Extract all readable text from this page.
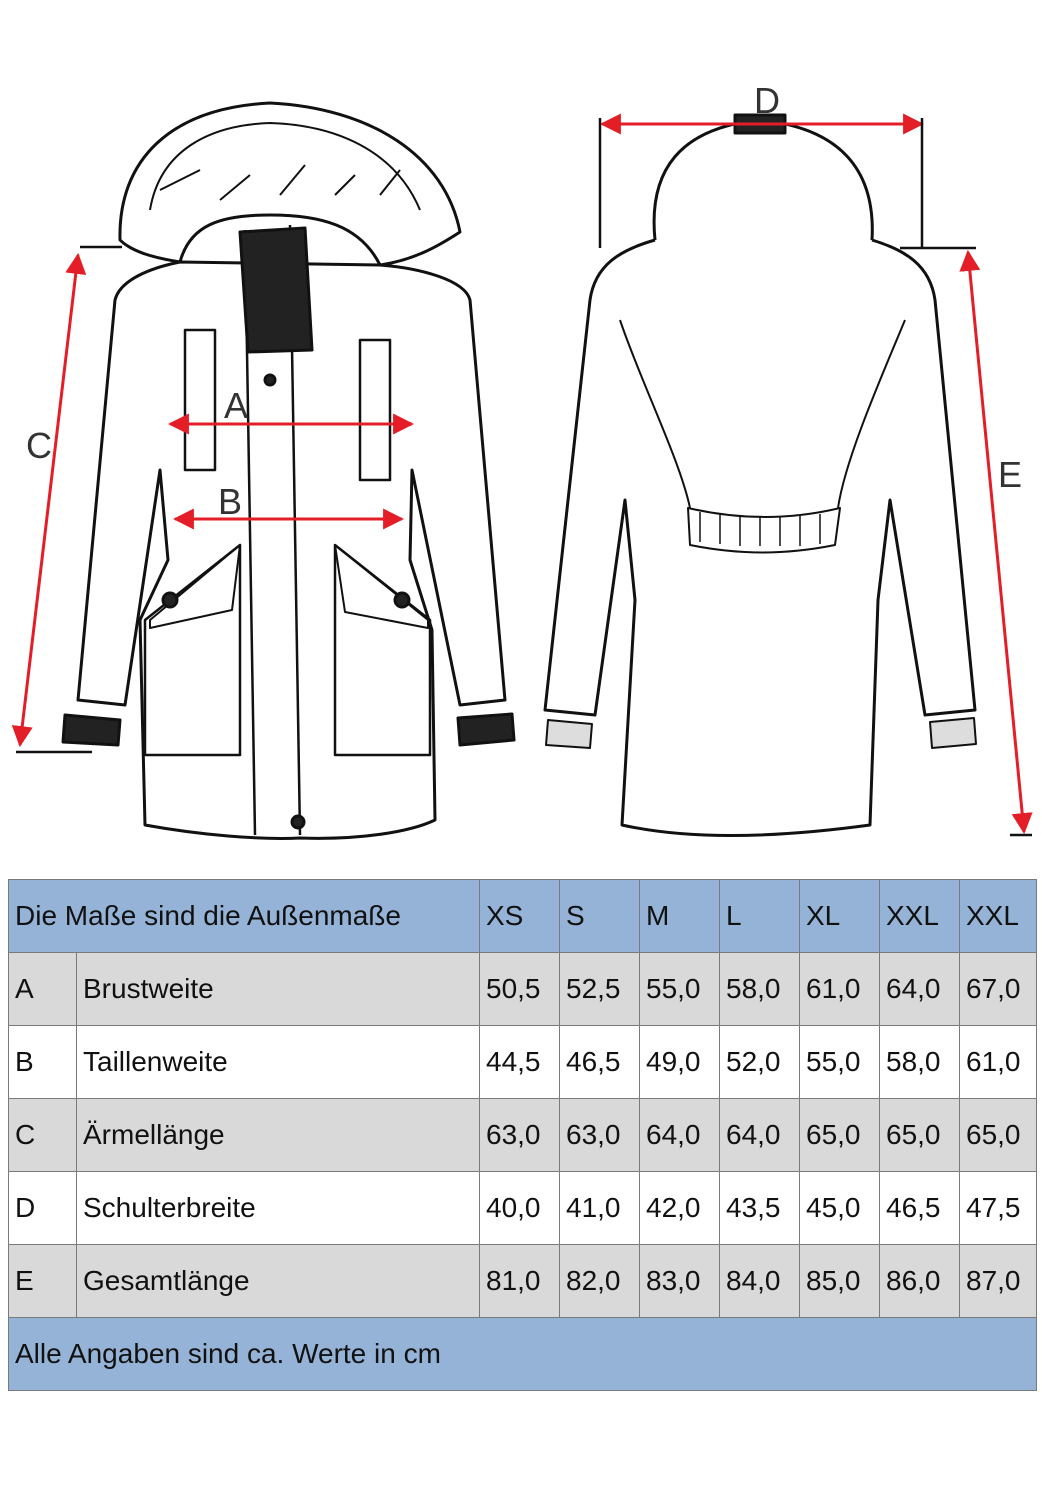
A
B
C
D
E
Die Maße sind die Außenmaße		XS	S	M	L	XL	XXL	XXL
A	Brustweite	50,5	52,5	55,0	58,0	61,0	64,0	67,0
B	Taillenweite	44,5	46,5	49,0	52,0	55,0	58,0	61,0
C	Ärmellänge	63,0	63,0	64,0	64,0	65,0	65,0	65,0
D	Schulterbreite	40,0	41,0	42,0	43,5	45,0	46,5	47,5
E	Gesamtlänge	81,0	82,0	83,0	84,0	85,0	86,0	87,0
Alle Angaben sind ca. Werte in cm								
